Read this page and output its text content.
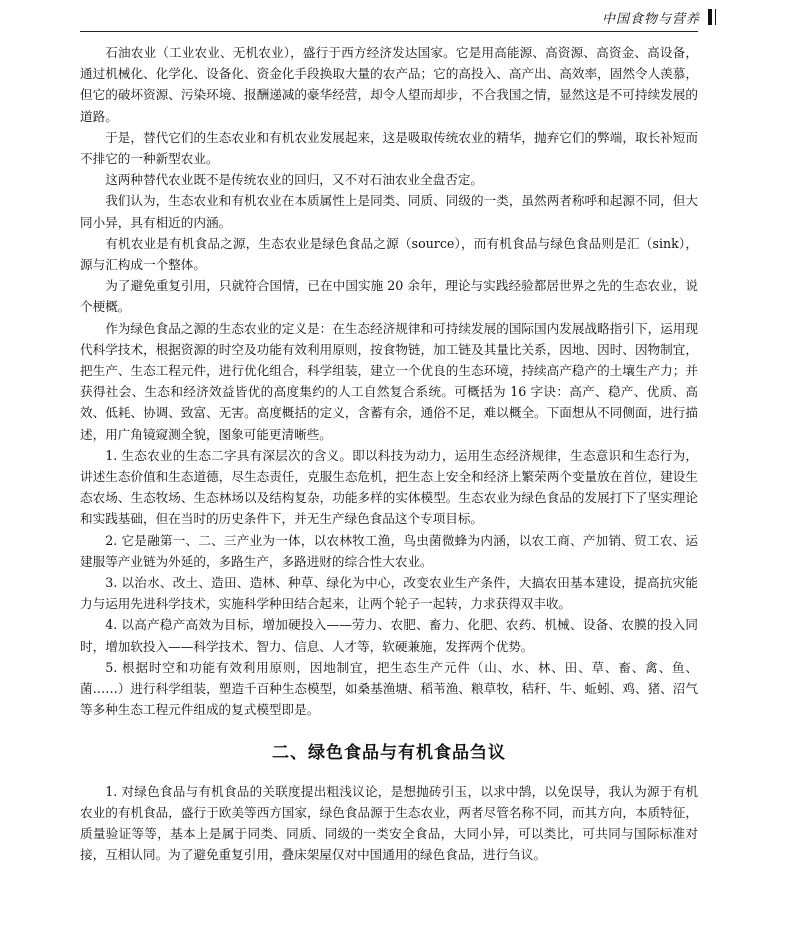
中国食物与营养

石油农业（工业农业、无机农业），盛行于西方经济发达国家。它是用高能源、高资源、高资金、高设备，通过机械化、化学化、设备化、资金化手段换取大量的农产品；它的高投入、高产出、高效率，固然令人羡慕，但它的破坏资源、污染环境、报酬递减的豪华经营，却令人望而却步，不合我国之情，显然这是不可持续发展的道路。

于是，替代它们的生态农业和有机农业发展起来，这是吸取传统农业的精华，抛弃它们的弊端，取长补短而不排它的一种新型农业。

这两种替代农业既不是传统农业的回归，又不对石油农业全盘否定。

我们认为，生态农业和有机农业在本质属性上是同类、同质、同级的一类，虽然两者称呼和起源不同，但大同小异，具有相近的内涵。

有机农业是有机食品之源，生态农业是绿色食品之源（source），而有机食品与绿色食品则是汇（sink），源与汇构成一个整体。

为了避免重复引用，只就符合国情，已在中国实施 20 余年，理论与实践经验都居世界之先的生态农业，说个梗概。

作为绿色食品之源的生态农业的定义是：在生态经济规律和可持续发展的国际国内发展战略指引下，运用现代科学技术，根据资源的时空及功能有效利用原则，按食物链，加工链及其量比关系，因地、因时、因物制宜，把生产、生态工程元件，进行优化组合，科学组装，建立一个优良的生态环境，持续高产稳产的土壤生产力；并获得社会、生态和经济效益皆优的高度集约的人工自然复合系统。可概括为 16 字诀：高产、稳产、优质、高效、低耗、协调、致富、无害。高度概括的定义，含蓄有余，通俗不足，难以概全。下面想从不同侧面，进行描述，用广角镜窥测全貌，图象可能更清晰些。

1. 生态农业的生态二字具有深层次的含义。即以科技为动力，运用生态经济规律，生态意识和生态行为，讲述生态价值和生态道德，尽生态责任，克服生态危机，把生态上安全和经济上繁荣两个变量放在首位，建设生态农场、生态牧场、生态林场以及结构复杂，功能多样的实体模型。生态农业为绿色食品的发展打下了坚实理论和实践基础，但在当时的历史条件下，并无生产绿色食品这个专项目标。

2. 它是融第一、二、三产业为一体，以农林牧工渔，鸟虫菌微蜂为内涵，以农工商、产加销、贸工农、运建服等产业链为外延的，多路生产，多路进财的综合性大农业。

3. 以治水、改土、造田、造林、种草、绿化为中心，改变农业生产条件，大搞农田基本建设，提高抗灾能力与运用先进科学技术，实施科学种田结合起来，让两个轮子一起转，力求获得双丰收。

4. 以高产稳产高效为目标，增加硬投入——劳力、农肥、畜力、化肥、农药、机械、设备、农膜的投入同时，增加软投入——科学技术、智力、信息、人才等，软硬兼施，发挥两个优势。

5. 根据时空和功能有效利用原则，因地制宜，把生态生产元件（山、水、林、田、草、畜、禽、鱼、菌……）进行科学组装，塑造千百种生态模型，如桑基渔塘、稻苇渔、粮草牧，秸秆、牛、蚯蚓、鸡、猪、沼气等多种生态工程元件组成的复式模型即是。

二、绿色食品与有机食品刍议

1. 对绿色食品与有机食品的关联度提出粗浅议论，是想抛砖引玉，以求中鹄，以免误导，我认为源于有机农业的有机食品，盛行于欧美等西方国家，绿色食品源于生态农业，两者尽管名称不同，而其方向，本质特征，质量验证等等，基本上是属于同类、同质、同级的一类安全食品，大同小异，可以类比，可共同与国际标准对接，互相认同。为了避免重复引用，叠床架屋仅对中国通用的绿色食品，进行刍议。
